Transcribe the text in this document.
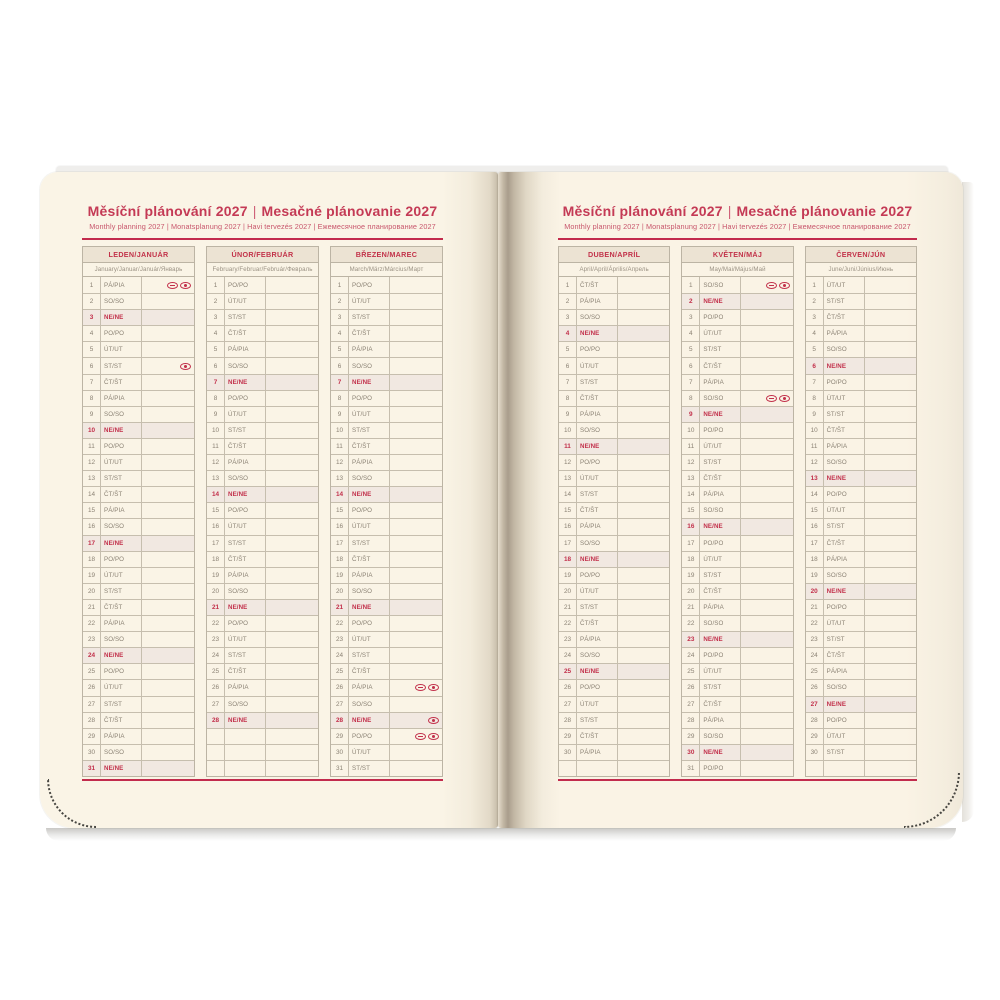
Měsíční plánování 2027 | Mesačné plánovanie 2027
Monthly planning 2027 | Monatsplanung 2027 | Havi tervezés 2027 | Ежемесячное планирование 2027
LEDEN/JANUÁR
January/Januar/Január/Январь
1	PÁ/PIA
2	SO/SO
3	NE/NE
4	PO/PO
5	ÚT/UT
6	ST/ST
7	ČT/ŠT
8	PÁ/PIA
9	SO/SO
10	NE/NE
11	PO/PO
12	ÚT/UT
13	ST/ST
14	ČT/ŠT
15	PÁ/PIA
16	SO/SO
17	NE/NE
18	PO/PO
19	ÚT/UT
20	ST/ST
21	ČT/ŠT
22	PÁ/PIA
23	SO/SO
24	NE/NE
25	PO/PO
26	ÚT/UT
27	ST/ST
28	ČT/ŠT
29	PÁ/PIA
30	SO/SO
31	NE/NE
ÚNOR/FEBRUÁR
February/Februar/Február/Февраль
1	PO/PO
2	ÚT/UT
3	ST/ST
4	ČT/ŠT
5	PÁ/PIA
6	SO/SO
7	NE/NE
8	PO/PO
9	ÚT/UT
10	ST/ST
11	ČT/ŠT
12	PÁ/PIA
13	SO/SO
14	NE/NE
15	PO/PO
16	ÚT/UT
17	ST/ST
18	ČT/ŠT
19	PÁ/PIA
20	SO/SO
21	NE/NE
22	PO/PO
23	ÚT/UT
24	ST/ST
25	ČT/ŠT
26	PÁ/PIA
27	SO/SO
28	NE/NE
BŘEZEN/MAREC
March/März/Március/Март
1	PO/PO
2	ÚT/UT
3	ST/ST
4	ČT/ŠT
5	PÁ/PIA
6	SO/SO
7	NE/NE
8	PO/PO
9	ÚT/UT
10	ST/ST
11	ČT/ŠT
12	PÁ/PIA
13	SO/SO
14	NE/NE
15	PO/PO
16	ÚT/UT
17	ST/ST
18	ČT/ŠT
19	PÁ/PIA
20	SO/SO
21	NE/NE
22	PO/PO
23	ÚT/UT
24	ST/ST
25	ČT/ŠT
26	PÁ/PIA
27	SO/SO
28	NE/NE
29	PO/PO
30	ÚT/UT
31	ST/ST
Měsíční plánování 2027 | Mesačné plánovanie 2027
Monthly planning 2027 | Monatsplanung 2027 | Havi tervezés 2027 | Ежемесячное планирование 2027
DUBEN/APRÍL
April/April/Április/Апрель
1	ČT/ŠT
2	PÁ/PIA
3	SO/SO
4	NE/NE
5	PO/PO
6	ÚT/UT
7	ST/ST
8	ČT/ŠT
9	PÁ/PIA
10	SO/SO
11	NE/NE
12	PO/PO
13	ÚT/UT
14	ST/ST
15	ČT/ŠT
16	PÁ/PIA
17	SO/SO
18	NE/NE
19	PO/PO
20	ÚT/UT
21	ST/ST
22	ČT/ŠT
23	PÁ/PIA
24	SO/SO
25	NE/NE
26	PO/PO
27	ÚT/UT
28	ST/ST
29	ČT/ŠT
30	PÁ/PIA
KVĚTEN/MÁJ
May/Mai/Május/Май
1	SO/SO
2	NE/NE
3	PO/PO
4	ÚT/UT
5	ST/ST
6	ČT/ŠT
7	PÁ/PIA
8	SO/SO
9	NE/NE
10	PO/PO
11	ÚT/UT
12	ST/ST
13	ČT/ŠT
14	PÁ/PIA
15	SO/SO
16	NE/NE
17	PO/PO
18	ÚT/UT
19	ST/ST
20	ČT/ŠT
21	PÁ/PIA
22	SO/SO
23	NE/NE
24	PO/PO
25	ÚT/UT
26	ST/ST
27	ČT/ŠT
28	PÁ/PIA
29	SO/SO
30	NE/NE
31	PO/PO
ČERVEN/JÚN
June/Juni/Június/Июнь
1	ÚT/UT
2	ST/ST
3	ČT/ŠT
4	PÁ/PIA
5	SO/SO
6	NE/NE
7	PO/PO
8	ÚT/UT
9	ST/ST
10	ČT/ŠT
11	PÁ/PIA
12	SO/SO
13	NE/NE
14	PO/PO
15	ÚT/UT
16	ST/ST
17	ČT/ŠT
18	PÁ/PIA
19	SO/SO
20	NE/NE
21	PO/PO
22	ÚT/UT
23	ST/ST
24	ČT/ŠT
25	PÁ/PIA
26	SO/SO
27	NE/NE
28	PO/PO
29	ÚT/UT
30	ST/ST
